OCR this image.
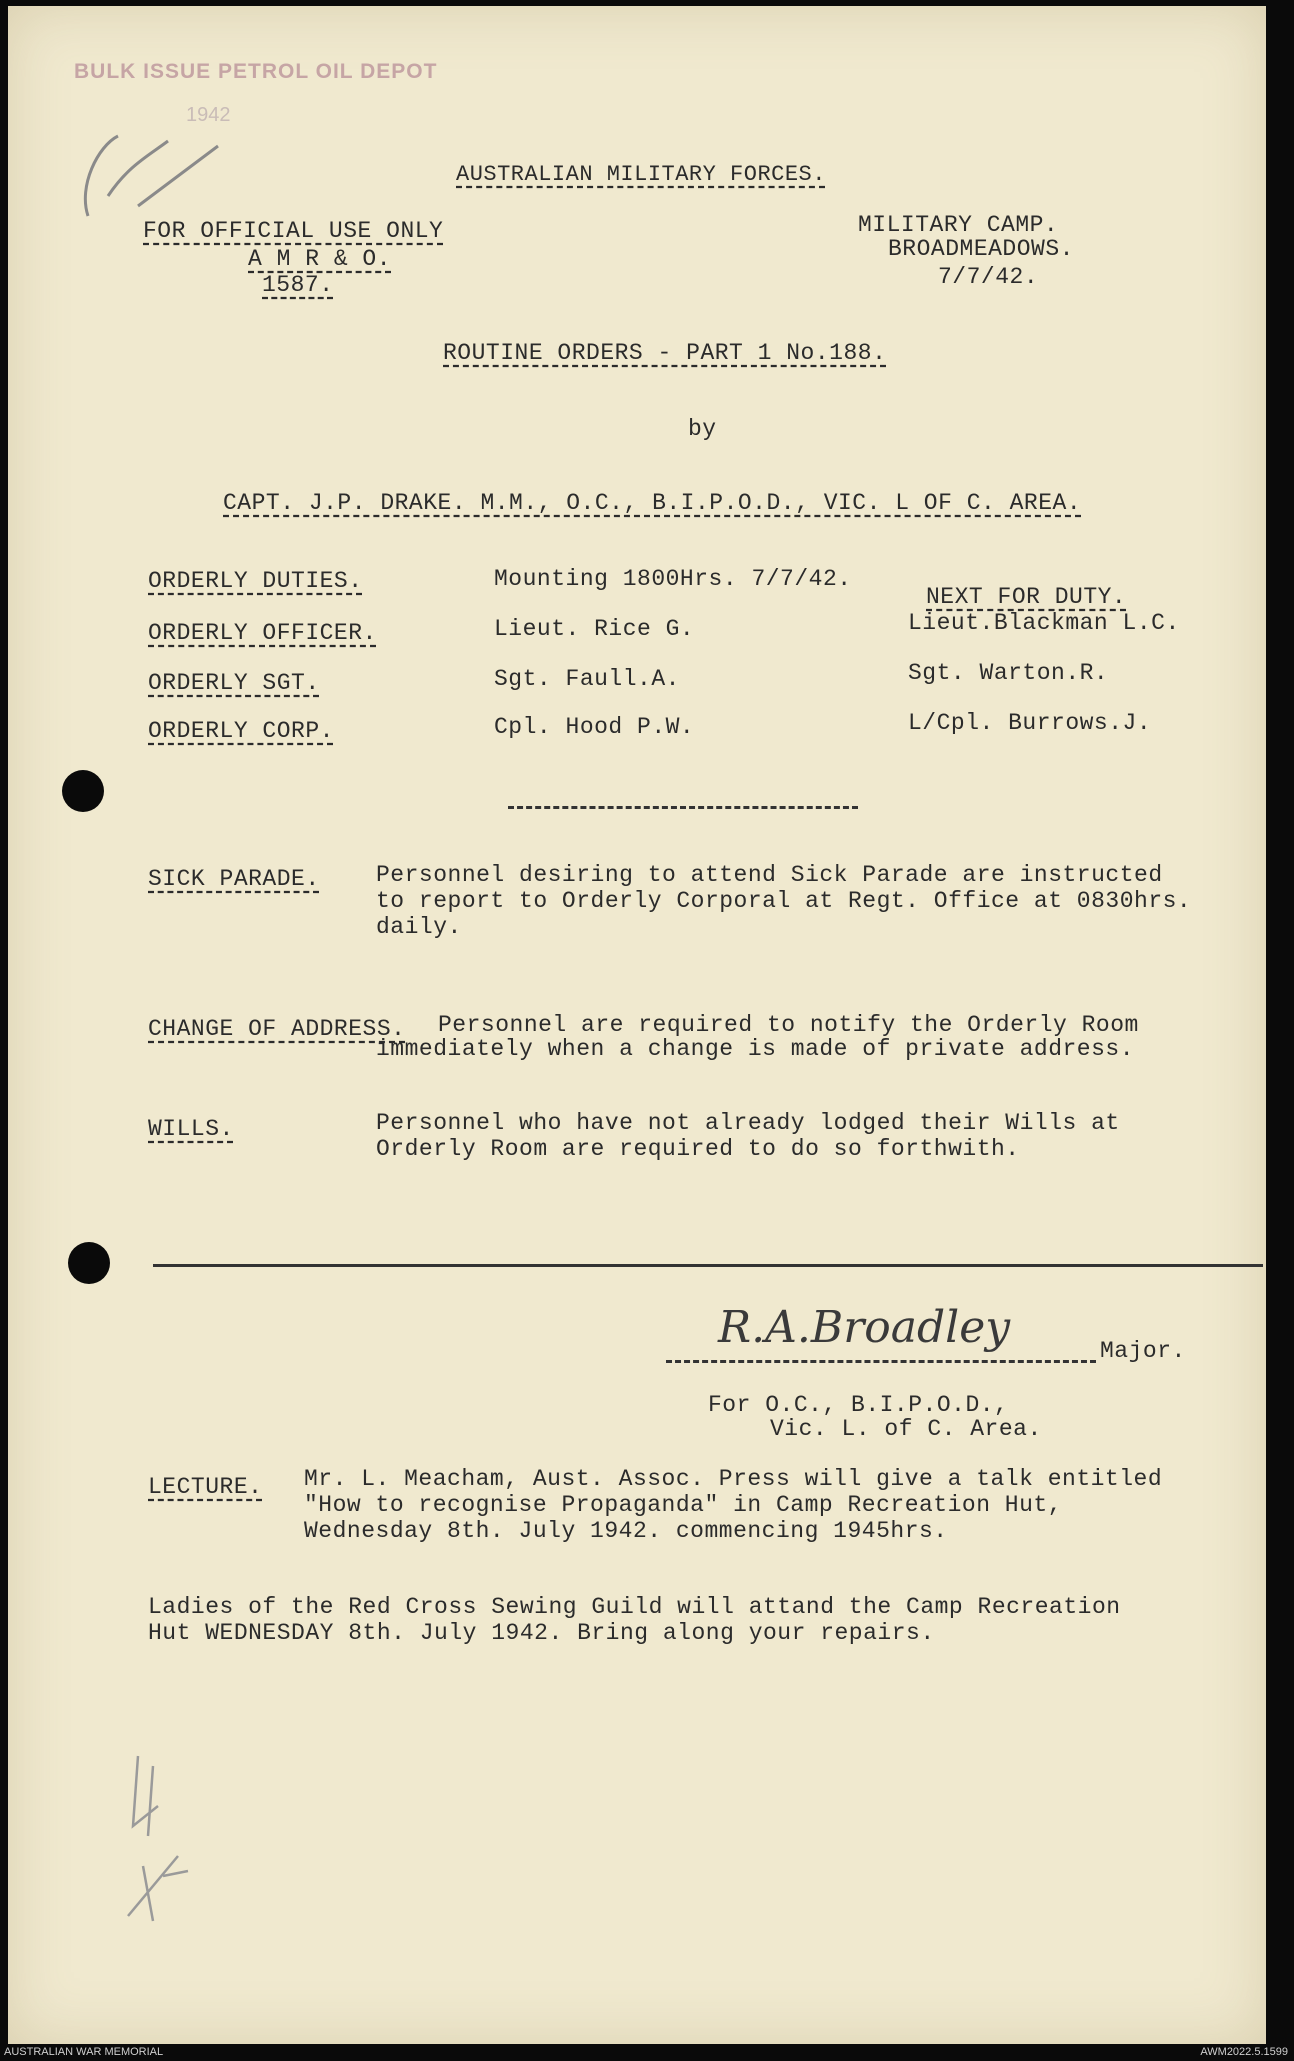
BULK ISSUE PETROL OIL DEPOT
1942
AUSTRALIAN MILITARY FORCES.
FOR OFFICIAL USE ONLY
A M R & O.
1587.
MILITARY CAMP.
BROADMEADOWS.
7/7/42.
ROUTINE ORDERS - PART 1 No.188.
by
CAPT. J.P. DRAKE. M.M., O.C., B.I.P.O.D., VIC. L OF C. AREA.
ORDERLY DUTIES.	Mounting 1800Hrs. 7/7/42.
NEXT FOR DUTY.
ORDERLY OFFICER.	Lieut. Rice G.	Lieut.Blackman L.C.
ORDERLY SGT.	Sgt. Faull.A.	Sgt. Warton.R.
ORDERLY CORP.	Cpl. Hood P.W.	L/Cpl. Burrows.J.
SICK PARADE. Personnel desiring to attend Sick Parade are instructed
to report to Orderly Corporal at Regt. Office at 0830hrs.
daily.
CHANGE OF ADDRESS. Personnel are required to notify the Orderly Room
immediately when a change is made of private address.
WILLS.	Personnel who have not already lodged their Wills at
Orderly Room are required to do so forthwith.
R.A.Broadley	Major.
For O.C., B.I.P.O.D.,
Vic. L. of C. Area.
LECTURE. Mr. L. Meacham, Aust. Assoc. Press will give a talk entitled
"How to recognise Propaganda" in Camp Recreation Hut,
Wednesday 8th. July 1942. commencing 1945hrs.
Ladies of the Red Cross Sewing Guild will attand the Camp Recreation
Hut WEDNESDAY 8th. July 1942. Bring along your repairs.
AUSTRALIAN WAR MEMORIAL	AWM2022.5.1599
